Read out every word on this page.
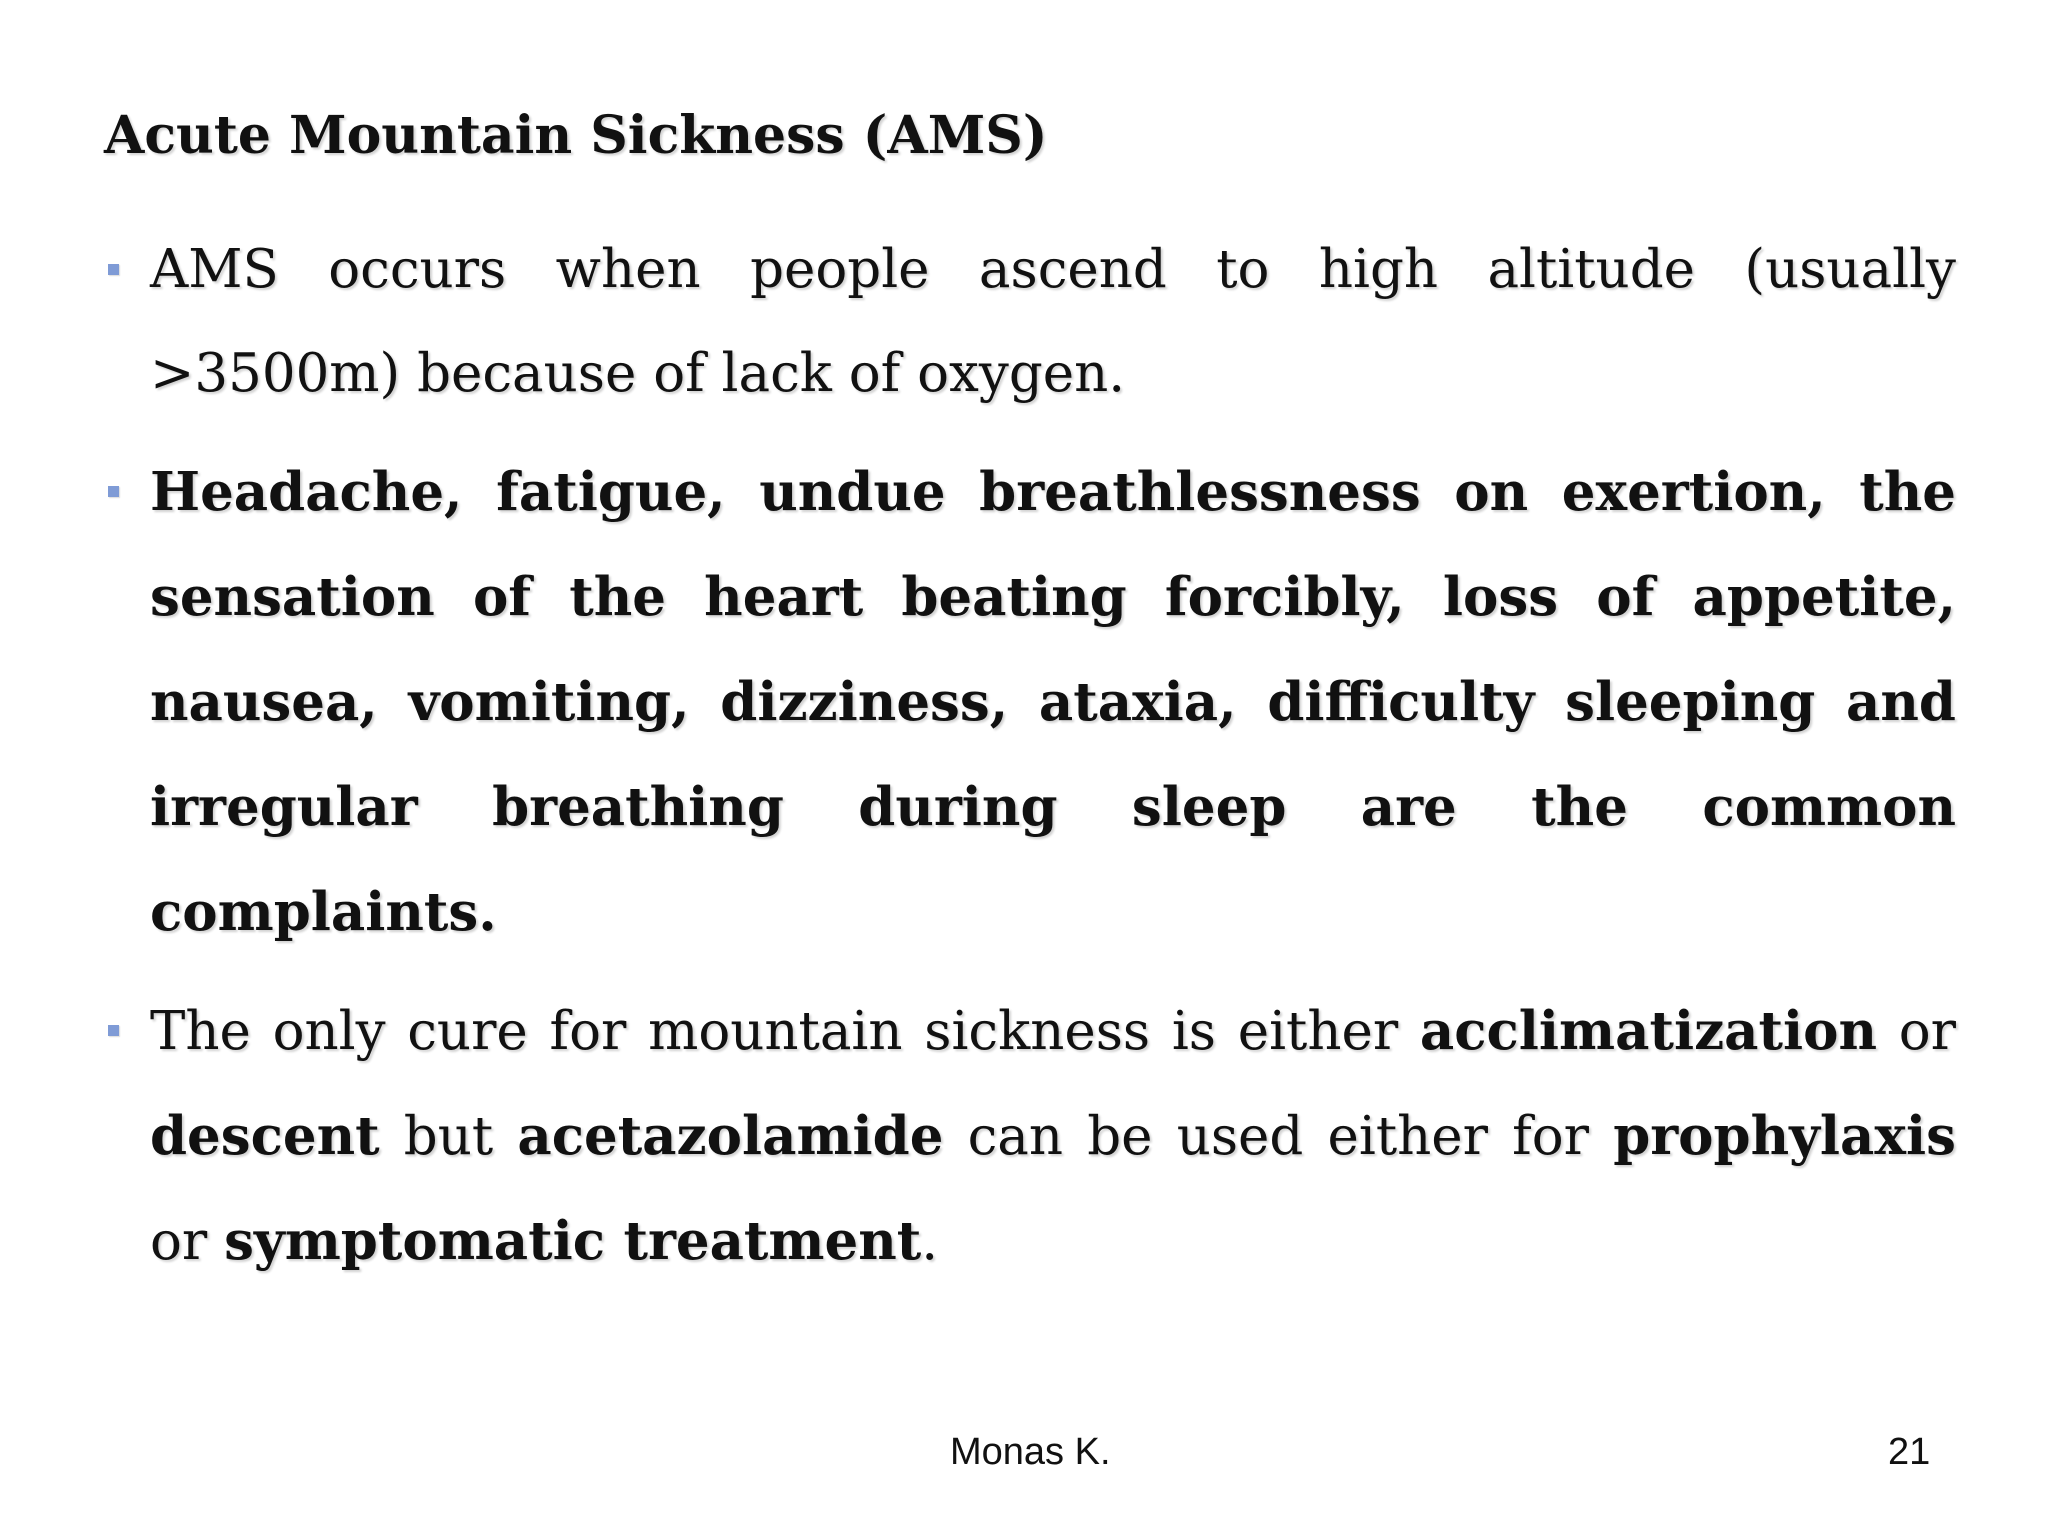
Acute Mountain Sickness (AMS)
AMS occurs when people ascend to high altitude (usually >3500m) because of lack of oxygen.
Headache, fatigue, undue breathlessness on exertion, the sensation of the heart beating forcibly, loss of appetite, nausea, vomiting, dizziness, ataxia, difficulty sleeping and irregular breathing during sleep are the common complaints.
The only cure for mountain sickness is either acclimatization or descent but acetazolamide can be used either for prophylaxis or symptomatic treatment.
Monas K.	21
